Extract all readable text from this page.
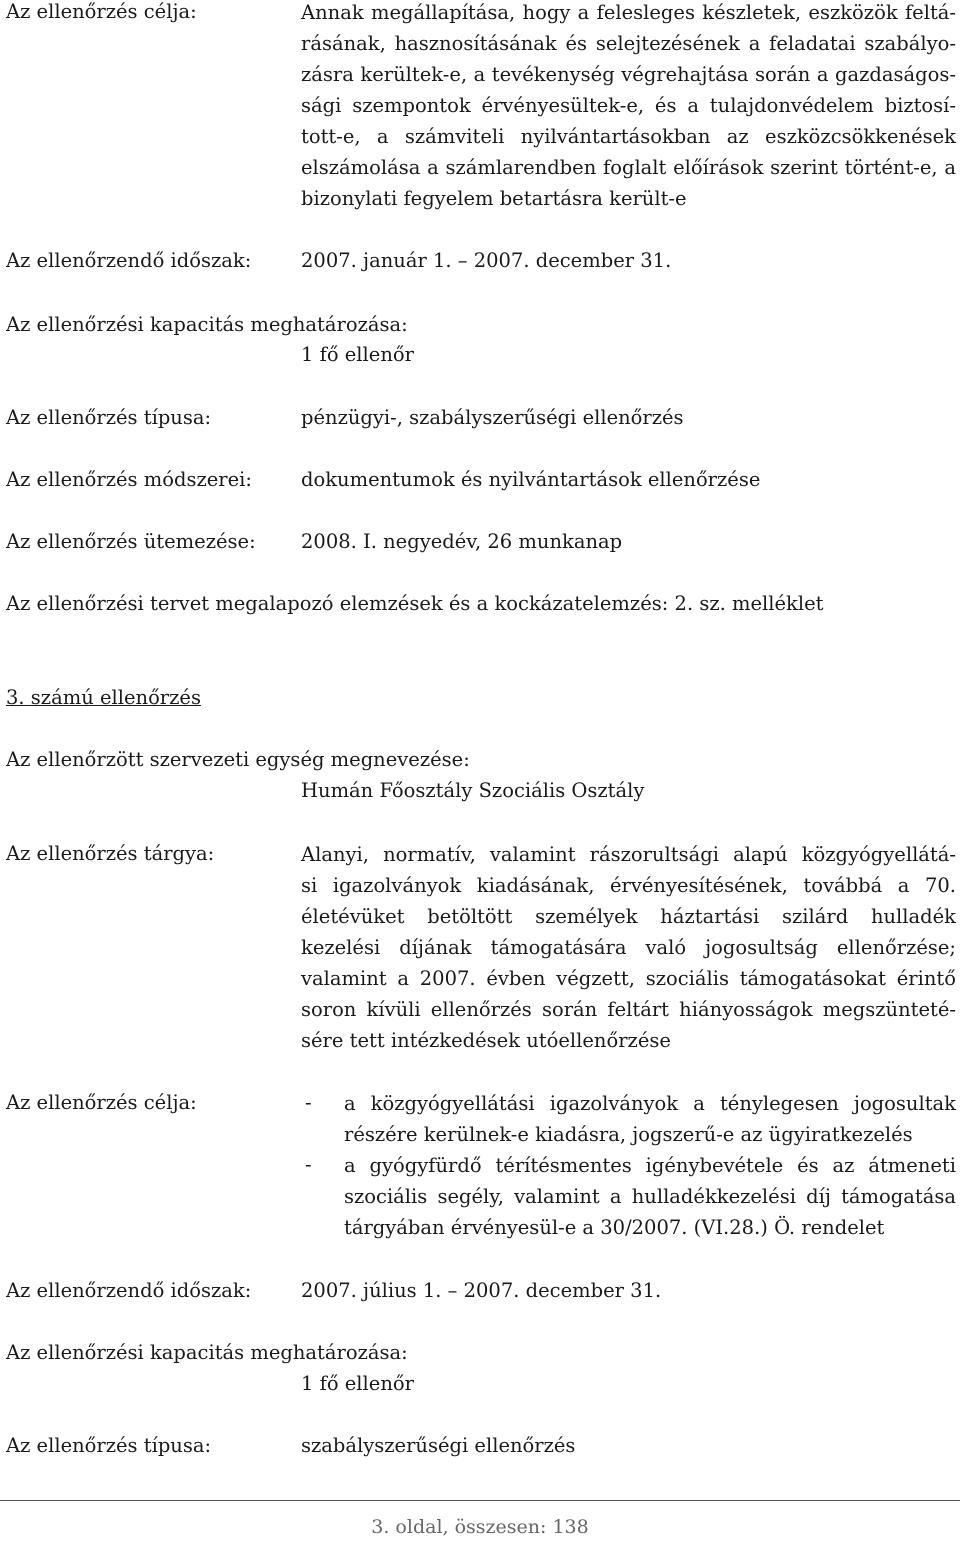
Az ellenőrzés célja:	Annak megállapítása, hogy a felesleges készletek, eszközök feltá-
rásának, hasznosításának és selejtezésének a feladatai szabályo-
zásra kerültek-e, a tevékenység végrehajtása során a gazdaságos-
sági szempontok érvényesültek-e, és a tulajdonvédelem biztosí-
tott-e, a számviteli nyilvántartásokban az eszközcsökkenések
elszámolása a számlarendben foglalt előírások szerint történt-e, a
bizonylati fegyelem betartásra került-e
Az ellenőrzendő időszak:	2007. január 1. – 2007. december 31.
Az ellenőrzési kapacitás meghatározása:
1 fő ellenőr
Az ellenőrzés típusa:	pénzügyi-, szabályszerűségi ellenőrzés
Az ellenőrzés módszerei:	dokumentumok és nyilvántartások ellenőrzése
Az ellenőrzés ütemezése: 2008. I. negyedév, 26 munkanap
Az ellenőrzési tervet megalapozó elemzések és a kockázatelemzés: 2. sz. melléklet
3. számú ellenőrzés
Az ellenőrzött szervezeti egység megnevezése:
Humán Főosztály Szociális Osztály
Az ellenőrzés tárgya:	Alanyi, normatív, valamint rászorultsági alapú közgyógyellátá-
si igazolványok kiadásának, érvényesítésének, továbbá a 70.
életévüket betöltött személyek háztartási szilárd hulladék
kezelési díjának támogatására való jogosultság ellenőrzése;
valamint a 2007. évben végzett, szociális támogatásokat érintő
soron kívüli ellenőrzés során feltárt hiányosságok megszünteté-
sére tett intézkedések utóellenőrzése
Az ellenőrzés célja:	- a közgyógyellátási igazolványok a ténylegesen jogosultak
részére kerülnek-e kiadásra, jogszerű-e az ügyiratkezelés
- a gyógyfürdő térítésmentes igénybevétele és az átmeneti
szociális segély, valamint a hulladékkezelési díj támogatása
tárgyában érvényesül-e a 30/2007. (VI.28.) Ö. rendelet
Az ellenőrzendő időszak:	2007. július 1. – 2007. december 31.
Az ellenőrzési kapacitás meghatározása:
1 fő ellenőr
Az ellenőrzés típusa:	szabályszerűségi ellenőrzés
3. oldal, összesen: 138
